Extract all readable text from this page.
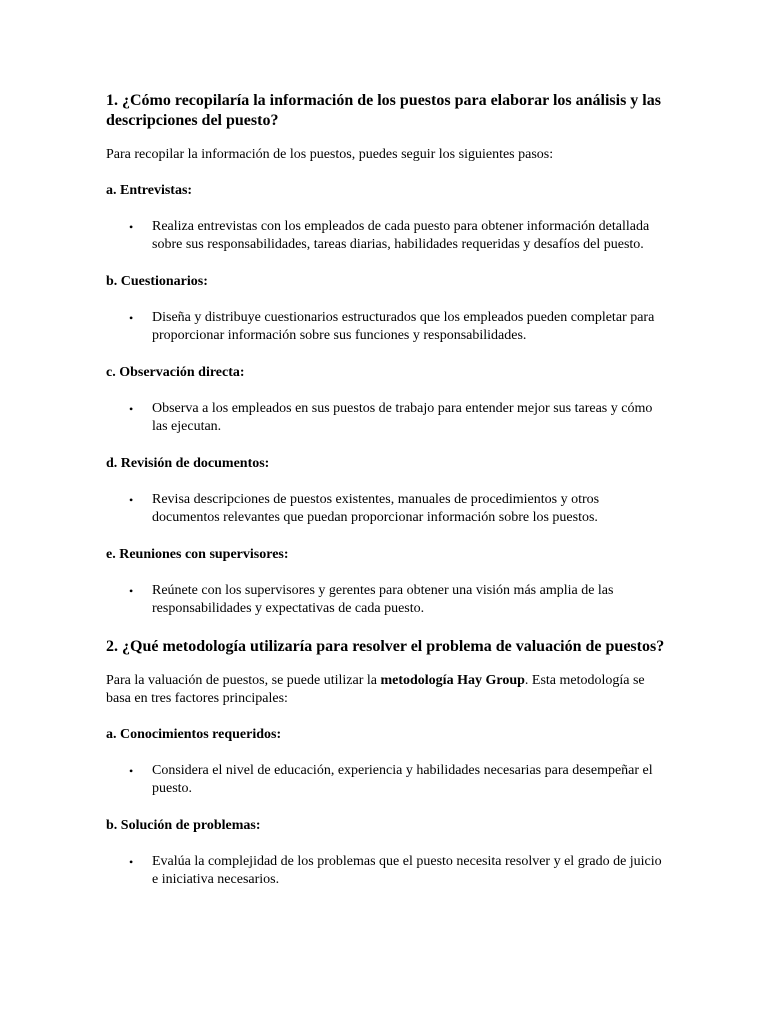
1. ¿Cómo recopilaría la información de los puestos para elaborar los análisis y las descripciones del puesto?

Para recopilar la información de los puestos, puedes seguir los siguientes pasos:

a. Entrevistas:
• Realiza entrevistas con los empleados de cada puesto para obtener información detallada sobre sus responsabilidades, tareas diarias, habilidades requeridas y desafíos del puesto.
b. Cuestionarios:
• Diseña y distribuye cuestionarios estructurados que los empleados pueden completar para proporcionar información sobre sus funciones y responsabilidades.
c. Observación directa:
• Observa a los empleados en sus puestos de trabajo para entender mejor sus tareas y cómo las ejecutan.
d. Revisión de documentos:
• Revisa descripciones de puestos existentes, manuales de procedimientos y otros documentos relevantes que puedan proporcionar información sobre los puestos.
e. Reuniones con supervisores:
• Reúnete con los supervisores y gerentes para obtener una visión más amplia de las responsabilidades y expectativas de cada puesto.
2. ¿Qué metodología utilizaría para resolver el problema de valuación de puestos?

Para la valuación de puestos, se puede utilizar la metodología Hay Group. Esta metodología se basa en tres factores principales:

a. Conocimientos requeridos:
• Considera el nivel de educación, experiencia y habilidades necesarias para desempeñar el puesto.
b. Solución de problemas:
• Evalúa la complejidad de los problemas que el puesto necesita resolver y el grado de juicio e iniciativa necesarios.
